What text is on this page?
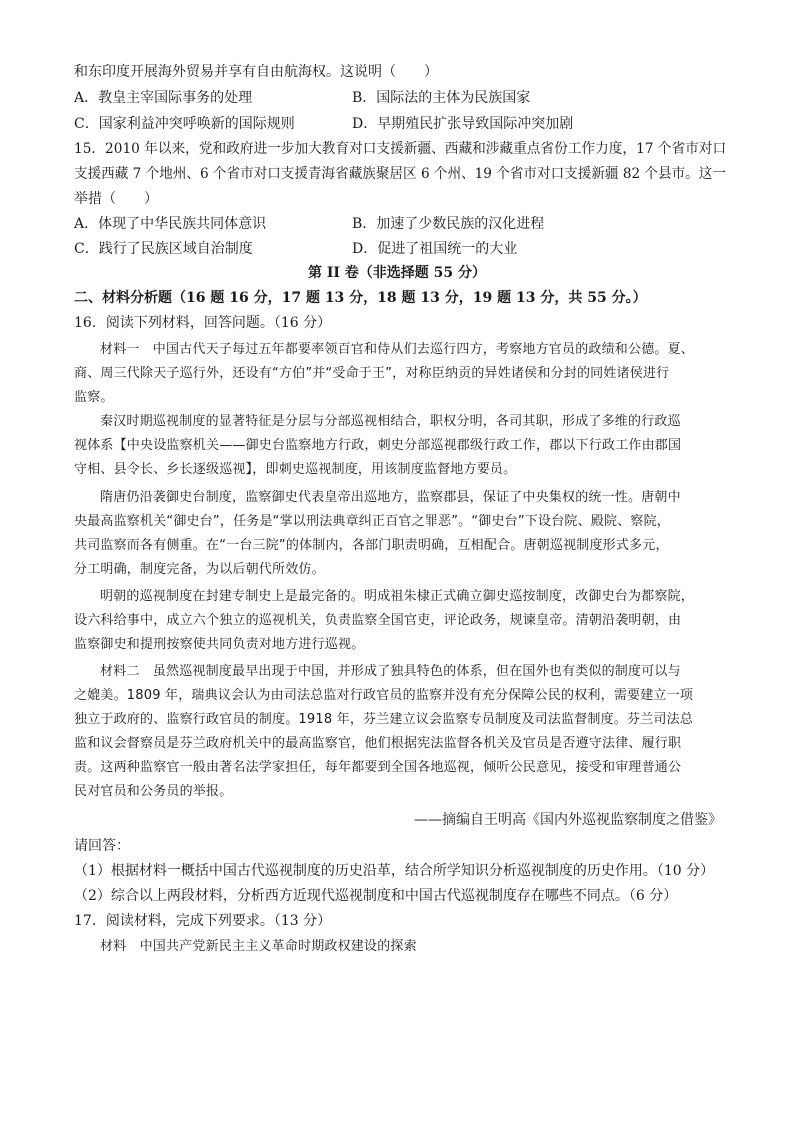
和东印度开展海外贸易并享有自由航海权。这说明（　　）
A．教皇主宰国际事务的处理	B．国际法的主体为民族国家
C．国家利益冲突呼唤新的国际规则	D．早期殖民扩张导致国际冲突加剧
15．2010 年以来，党和政府进一步加大教育对口支援新疆、西藏和涉藏重点省份工作力度，17 个省市对口
支援西藏 7 个地州、6 个省市对口支援青海省藏族聚居区 6 个州、19 个省市对口支援新疆 82 个县市。这一
举措（　　）
A．体现了中华民族共同体意识	B．加速了少数民族的汉化进程
C．践行了民族区域自治制度	D．促进了祖国统一的大业
第 II 卷（非选择题 55 分）
二、材料分析题（16 题 16 分，17 题 13 分，18 题 13 分，19 题 13 分，共 55 分。）
16．阅读下列材料，回答问题。（16 分）
材料一　中国古代天子每过五年都要率领百官和侍从们去巡行四方，考察地方官员的政绩和公德。夏、
商、周三代除天子巡行外，还设有“方伯”并“受命于王”，对称臣纳贡的异姓诸侯和分封的同姓诸侯进行
监察。
秦汉时期巡视制度的显著特征是分层与分部巡视相结合，职权分明，各司其职，形成了多维的行政巡
视体系【中央设监察机关——御史台监察地方行政，刺史分部巡视郡级行政工作，郡以下行政工作由郡国
守相、县令长、乡长逐级巡视】，即刺史巡视制度，用该制度监督地方要员。
隋唐仍沿袭御史台制度，监察御史代表皇帝出巡地方，监察郡县，保证了中央集权的统一性。唐朝中
央最高监察机关“御史台”，任务是“掌以刑法典章纠正百官之罪恶”。“御史台”下设台院、殿院、察院，
共司监察而各有侧重。在“一台三院”的体制内，各部门职责明确，互相配合。唐朝巡视制度形式多元，
分工明确，制度完备，为以后朝代所效仿。
明朝的巡视制度在封建专制史上是最完备的。明成祖朱棣正式确立御史巡按制度，改御史台为都察院，
设六科给事中，成立六个独立的巡视机关，负责监察全国官吏，评论政务，规谏皇帝。清朝沿袭明朝，由
监察御史和提刑按察使共同负责对地方进行巡视。
材料二　虽然巡视制度最早出现于中国，并形成了独具特色的体系，但在国外也有类似的制度可以与
之媲美。1809 年，瑞典议会认为由司法总监对行政官员的监察并没有充分保障公民的权利，需要建立一项
独立于政府的、监察行政官员的制度。1918 年，芬兰建立议会监察专员制度及司法监督制度。芬兰司法总
监和议会督察员是芬兰政府机关中的最高监察官，他们根据宪法监督各机关及官员是否遵守法律、履行职
责。这两种监察官一般由著名法学家担任，每年都要到全国各地巡视，倾听公民意见，接受和审理普通公
民对官员和公务员的举报。
——摘编自王明高《国内外巡视监察制度之借鉴》
请回答：
（1）根据材料一概括中国古代巡视制度的历史沿革，结合所学知识分析巡视制度的历史作用。（10 分）
（2）综合以上两段材料，分析西方近现代巡视制度和中国古代巡视制度存在哪些不同点。（6 分）
17．阅读材料，完成下列要求。（13 分）
材料　中国共产党新民主主义革命时期政权建设的探索
